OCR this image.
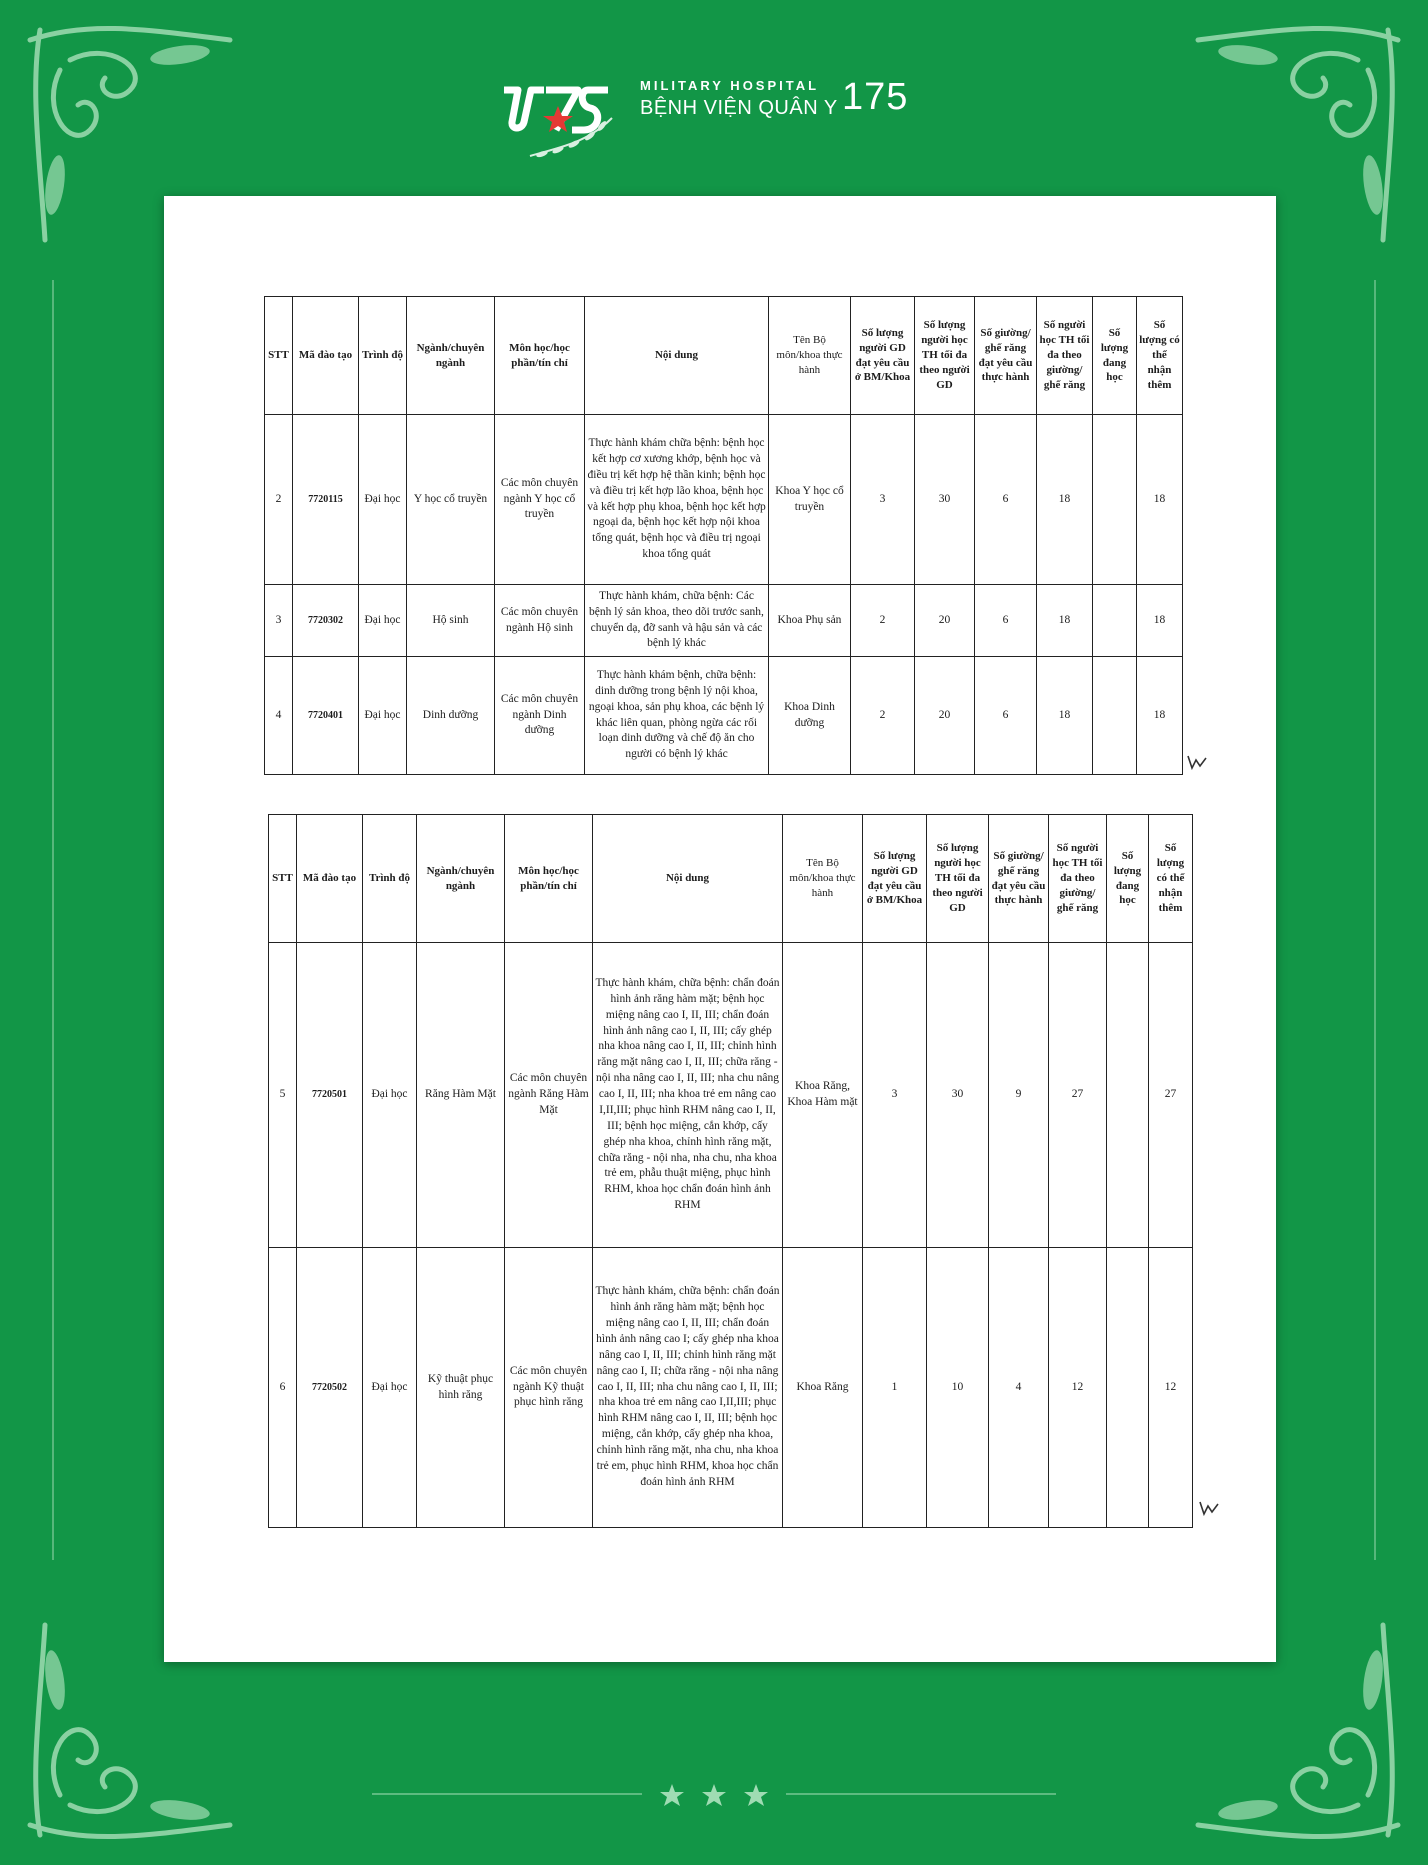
MILITARY HOSPITAL
BỆNH VIỆN QUÂN Y 175
STT	Mã đào tạo	Trình độ	Ngành/chuyên ngành	Môn học/học phần/tín chỉ	Nội dung	Tên Bộ môn/khoa thực hành	Số lượng người GD đạt yêu cầu ở BM/Khoa	Số lượng người học TH tối đa theo người GD	Số giường/ ghế răng đạt yêu cầu thực hành	Số người học TH tối đa theo giường/ ghế răng	Số lượng đang học	Số lượng có thể nhận thêm
2	7720115	Đại học	Y học cổ truyền	Các môn chuyên ngành Y học cổ truyền	Thực hành khám chữa bệnh: bệnh học kết hợp cơ xương khớp, bệnh học và điều trị kết hợp hệ thần kinh; bệnh học và điều trị kết hợp lão khoa, bệnh học và kết hợp phụ khoa, bệnh học kết hợp ngoại da, bệnh học kết hợp nội khoa tổng quát, bệnh học và điều trị ngoại khoa tổng quát	Khoa Y học cổ truyền	3	30	6	18		18
3	7720302	Đại học	Hộ sinh	Các môn chuyên ngành Hộ sinh	Thực hành khám, chữa bệnh: Các bệnh lý sản khoa, theo dõi trước sanh, chuyển dạ, đỡ sanh và hậu sản và các bệnh lý khác	Khoa Phụ sản	2	20	6	18		18
4	7720401	Đại học	Dinh dưỡng	Các môn chuyên ngành Dinh dưỡng	Thực hành khám bệnh, chữa bệnh: dinh dưỡng trong bệnh lý nội khoa, ngoại khoa, sản phụ khoa, các bệnh lý khác liên quan, phòng ngừa các rối loạn dinh dưỡng và chế độ ăn cho người có bệnh lý khác	Khoa Dinh dưỡng	2	20	6	18		18
STT	Mã đào tạo	Trình độ	Ngành/chuyên ngành	Môn học/học phần/tín chỉ	Nội dung	Tên Bộ môn/khoa thực hành	Số lượng người GD đạt yêu cầu ở BM/Khoa	Số lượng người học TH tối đa theo người GD	Số giường/ ghế răng đạt yêu cầu thực hành	Số người học TH tối đa theo giường/ ghế răng	Số lượng đang học	Số lượng có thể nhận thêm
5	7720501	Đại học	Răng Hàm Mặt	Các môn chuyên ngành Răng Hàm Mặt	Thực hành khám, chữa bệnh: chẩn đoán hình ảnh răng hàm mặt; bệnh học miệng nâng cao I, II, III; chẩn đoán hình ảnh nâng cao I, II, III; cấy ghép nha khoa nâng cao I, II, III; chỉnh hình răng mặt nâng cao I, II, III; chữa răng - nội nha nâng cao I, II, III; nha chu nâng cao I, II, III; nha khoa trẻ em nâng cao I,II,III; phục hình RHM nâng cao I, II, III; bệnh học miệng, cắn khớp, cấy ghép nha khoa, chỉnh hình răng mặt, chữa răng - nội nha, nha chu, nha khoa trẻ em, phẫu thuật miệng, phục hình RHM, khoa học chẩn đoán hình ảnh RHM	Khoa Răng, Khoa Hàm mặt	3	30	9	27		27
6	7720502	Đại học	Kỹ thuật phục hình răng	Các môn chuyên ngành Kỹ thuật phục hình răng	Thực hành khám, chữa bệnh: chẩn đoán hình ảnh răng hàm mặt; bệnh học miệng nâng cao I, II, III; chẩn đoán hình ảnh nâng cao I; cấy ghép nha khoa nâng cao I, II, III; chỉnh hình răng mặt nâng cao I, II; chữa răng - nội nha nâng cao I, II, III; nha chu nâng cao I, II, III; nha khoa trẻ em nâng cao I,II,III; phục hình RHM nâng cao I, II, III; bệnh học miệng, cắn khớp, cấy ghép nha khoa, chỉnh hình răng mặt, nha chu, nha khoa trẻ em, phục hình RHM, khoa học chẩn đoán hình ảnh RHM	Khoa Răng	1	10	4	12		12
